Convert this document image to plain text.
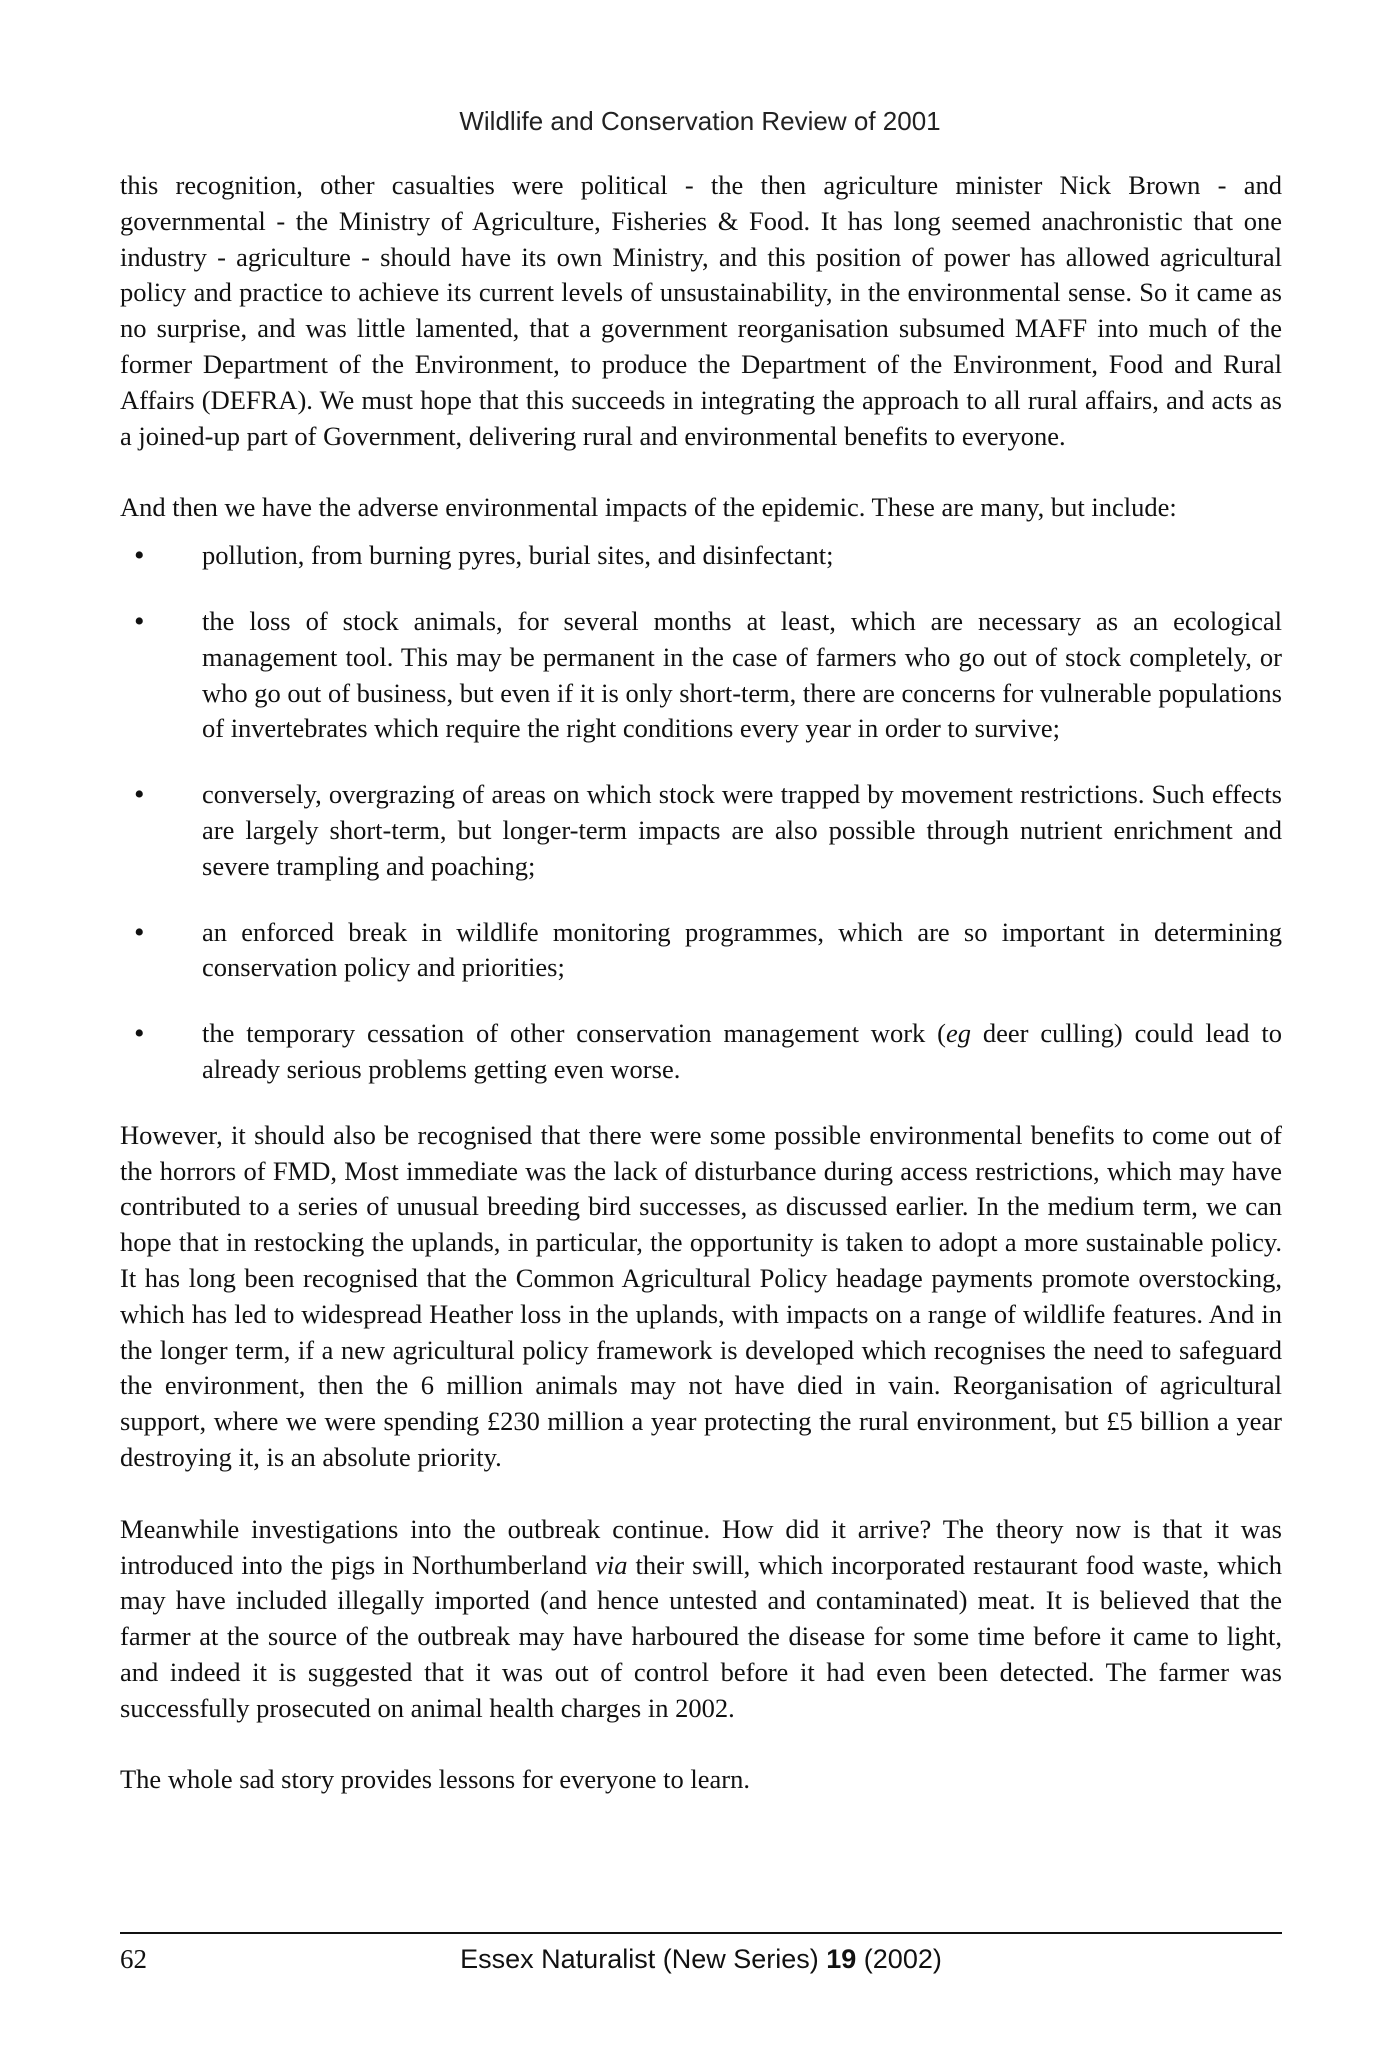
Wildlife and Conservation Review of 2001

this recognition, other casualties were political - the then agriculture minister Nick Brown - and governmental - the Ministry of Agriculture, Fisheries & Food. It has long seemed anachronistic that one industry - agriculture - should have its own Ministry, and this position of power has allowed agricultural policy and practice to achieve its current levels of unsustainability, in the environmental sense. So it came as no surprise, and was little lamented, that a government reorganisation subsumed MAFF into much of the former Department of the Environment, to produce the Department of the Environment, Food and Rural Affairs (DEFRA). We must hope that this succeeds in integrating the approach to all rural affairs, and acts as a joined-up part of Government, delivering rural and environmental benefits to everyone.

And then we have the adverse environmental impacts of the epidemic. These are many, but include:

• pollution, from burning pyres, burial sites, and disinfectant;
• the loss of stock animals, for several months at least, which are necessary as an ecological management tool. This may be permanent in the case of farmers who go out of stock completely, or who go out of business, but even if it is only short-term, there are concerns for vulnerable populations of invertebrates which require the right conditions every year in order to survive;
• conversely, overgrazing of areas on which stock were trapped by movement restrictions. Such effects are largely short-term, but longer-term impacts are also possible through nutrient enrichment and severe trampling and poaching;
• an enforced break in wildlife monitoring programmes, which are so important in determining conservation policy and priorities;
• the temporary cessation of other conservation management work (eg deer culling) could lead to already serious problems getting even worse.

However, it should also be recognised that there were some possible environmental benefits to come out of the horrors of FMD, Most immediate was the lack of disturbance during access restrictions, which may have contributed to a series of unusual breeding bird successes, as discussed earlier. In the medium term, we can hope that in restocking the uplands, in particular, the opportunity is taken to adopt a more sustainable policy. It has long been recognised that the Common Agricultural Policy headage payments promote overstocking, which has led to widespread Heather loss in the uplands, with impacts on a range of wildlife features. And in the longer term, if a new agricultural policy framework is developed which recognises the need to safeguard the environment, then the 6 million animals may not have died in vain. Reorganisation of agricultural support, where we were spending £230 million a year protecting the rural environment, but £5 billion a year destroying it, is an absolute priority.

Meanwhile investigations into the outbreak continue. How did it arrive? The theory now is that it was introduced into the pigs in Northumberland via their swill, which incorporated restaurant food waste, which may have included illegally imported (and hence untested and contaminated) meat. It is believed that the farmer at the source of the outbreak may have harboured the disease for some time before it came to light, and indeed it is suggested that it was out of control before it had even been detected. The farmer was successfully prosecuted on animal health charges in 2002.

The whole sad story provides lessons for everyone to learn.

62	Essex Naturalist (New Series) 19 (2002)
